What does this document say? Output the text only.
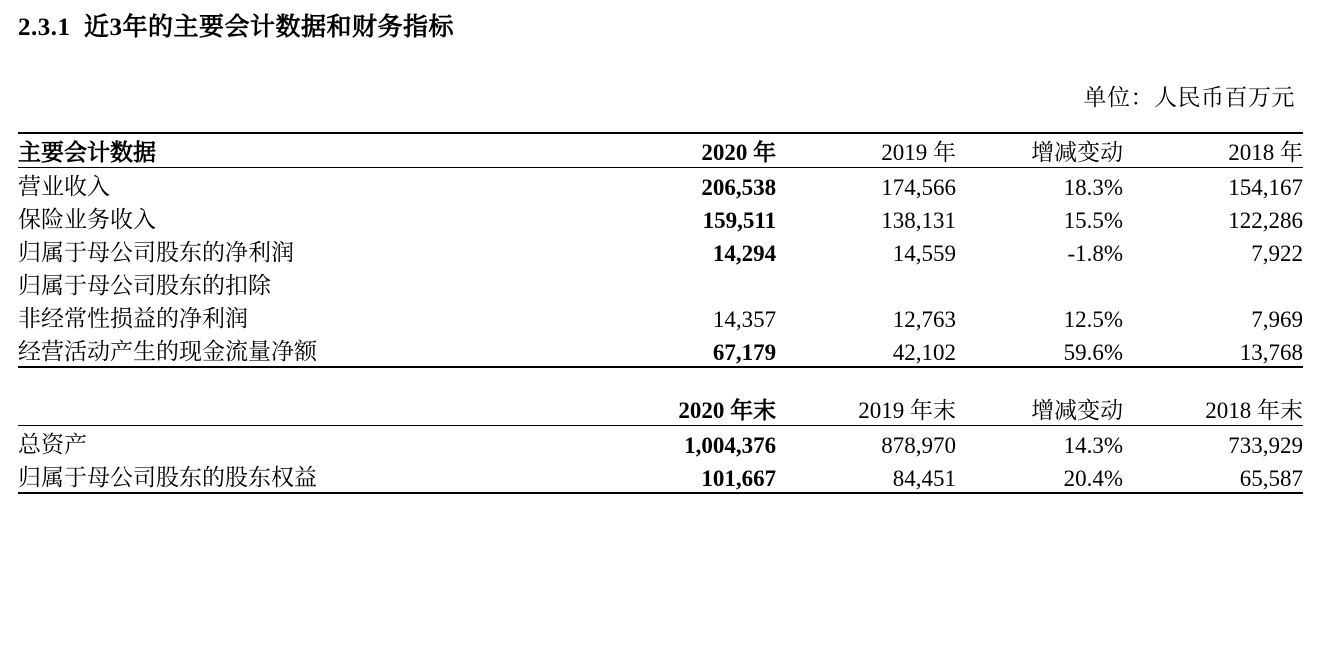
2.3.1 近3年的主要会计数据和财务指标
单位：人民币百万元
主要会计数据	2020 年	2019 年	增减变动	2018 年
营业收入	206,538	174,566	18.3%	154,167
保险业务收入	159,511	138,131	15.5%	122,286
归属于母公司股东的净利润	14,294	14,559	-1.8%	7,922
归属于母公司股东的扣除				
非经常性损益的净利润	14,357	12,763	12.5%	7,969
经营活动产生的现金流量净额	67,179	42,102	59.6%	13,768
	2020 年末	2019 年末	增减变动	2018 年末
总资产	1,004,376	878,970	14.3%	733,929
归属于母公司股东的股东权益	101,667	84,451	20.4%	65,587
